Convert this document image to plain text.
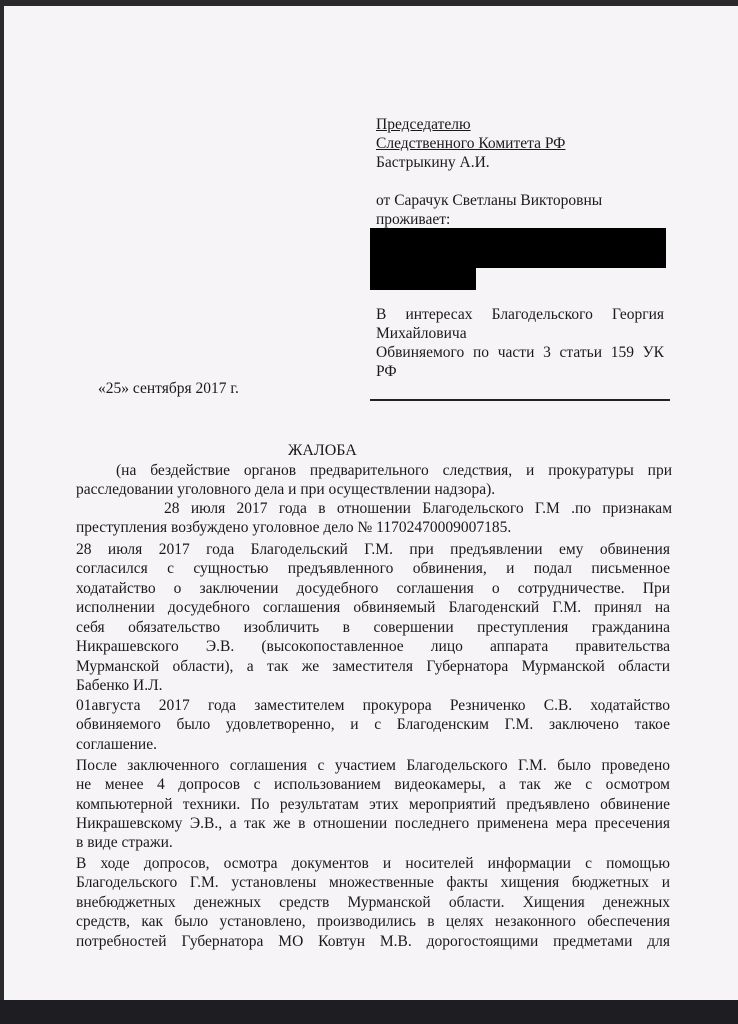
Председателю
Следственного Комитета РФ
Бастрыкину А.И.
от Сарачук Светланы Викторовны
проживает:
В интересах Благодельского Георгия
Михайловича
Обвиняемого по части 3 статьи 159 УК
РФ
«25» сентября 2017 г.
ЖАЛОБА
(на бездействие органов предварительного следствия, и прокуратуры при
расследовании уголовного дела и при осуществлении надзора).
28 июля 2017 года в отношении Благодельского Г.М .по признакам
преступления возбуждено уголовное дело № 11702470009007185.
28 июля 2017 года Благодельский Г.М. при предъявлении ему обвинения
согласился с сущностью предъявленного обвинения, и подал письменное
ходатайство о заключении досудебного соглашения о сотрудничестве. При
исполнении досудебного соглашения обвиняемый Благоденский Г.М. принял на
себя обязательство изобличить в совершении преступления гражданина
Никрашевского Э.В. (высокопоставленное лицо аппарата правительства
Мурманской области), а так же заместителя Губернатора Мурманской области
Бабенко И.Л.
01августа 2017 года заместителем прокурора Резниченко С.В. ходатайство
обвиняемого было удовлетворенно, и с Благоденским Г.М. заключено такое
соглашение.
После заключенного соглашения с участием Благодельского Г.М. было проведено
не менее 4 допросов с использованием видеокамеры, а так же с осмотром
компьютерной техники. По результатам этих мероприятий предъявлено обвинение
Никрашевскому Э.В., а так же в отношении последнего применена мера пресечения
в виде стражи.
В ходе допросов, осмотра документов и носителей информации с помощью
Благодельского Г.М. установлены множественные факты хищения бюджетных и
внебюджетных денежных средств Мурманской области. Хищения денежных
средств, как было установлено, производились в целях незаконного обеспечения
потребностей Губернатора МО Ковтун М.В. дорогостоящими предметами для
